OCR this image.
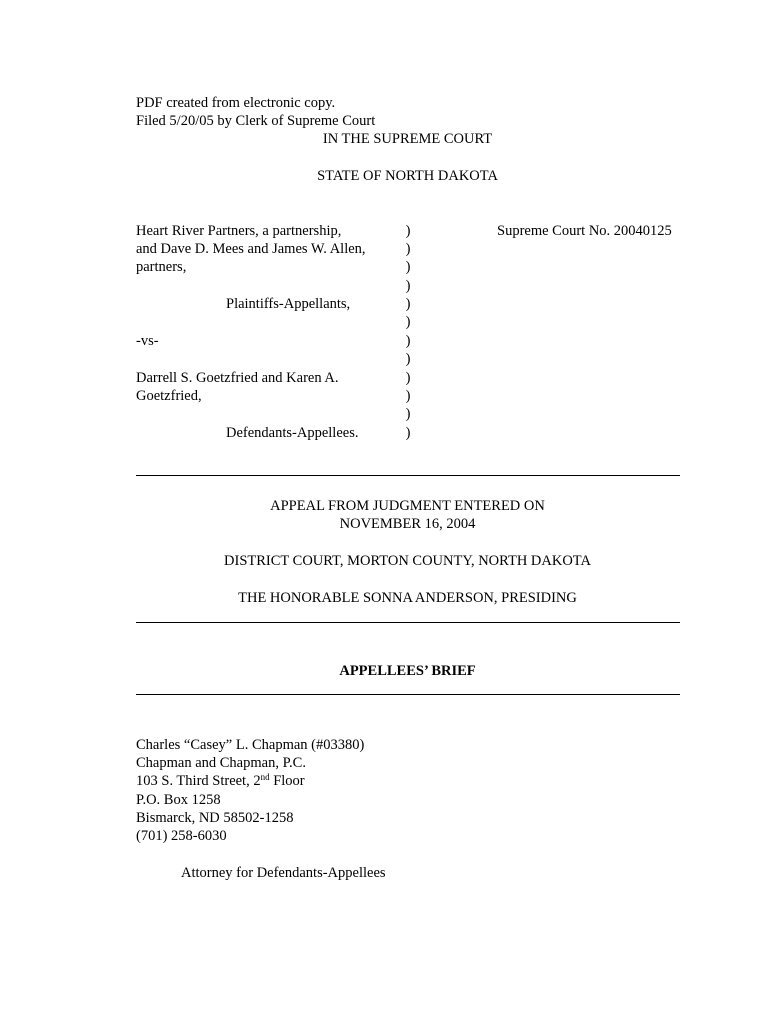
PDF created from electronic copy.
Filed 5/20/05 by Clerk of Supreme Court
IN THE SUPREME COURT
STATE OF NORTH DAKOTA
Heart River Partners, a partnership,
and Dave D. Mees and James W. Allen,
partners,
Plaintiffs-Appellants,
-vs-
Darrell S. Goetzfried and Karen A.
Goetzfried,
Defendants-Appellees.
)
)
)
)
)
)
)
)
)
)
)
)
Supreme Court No. 20040125
APPEAL FROM JUDGMENT ENTERED ON
NOVEMBER 16, 2004
DISTRICT COURT, MORTON COUNTY, NORTH DAKOTA
THE HONORABLE SONNA ANDERSON, PRESIDING
APPELLEES’ BRIEF
Charles “Casey” L. Chapman (#03380)
Chapman and Chapman, P.C.
103 S. Third Street, 2nd Floor
P.O. Box 1258
Bismarck, ND 58502-1258
(701) 258-6030
Attorney for Defendants-Appellees
